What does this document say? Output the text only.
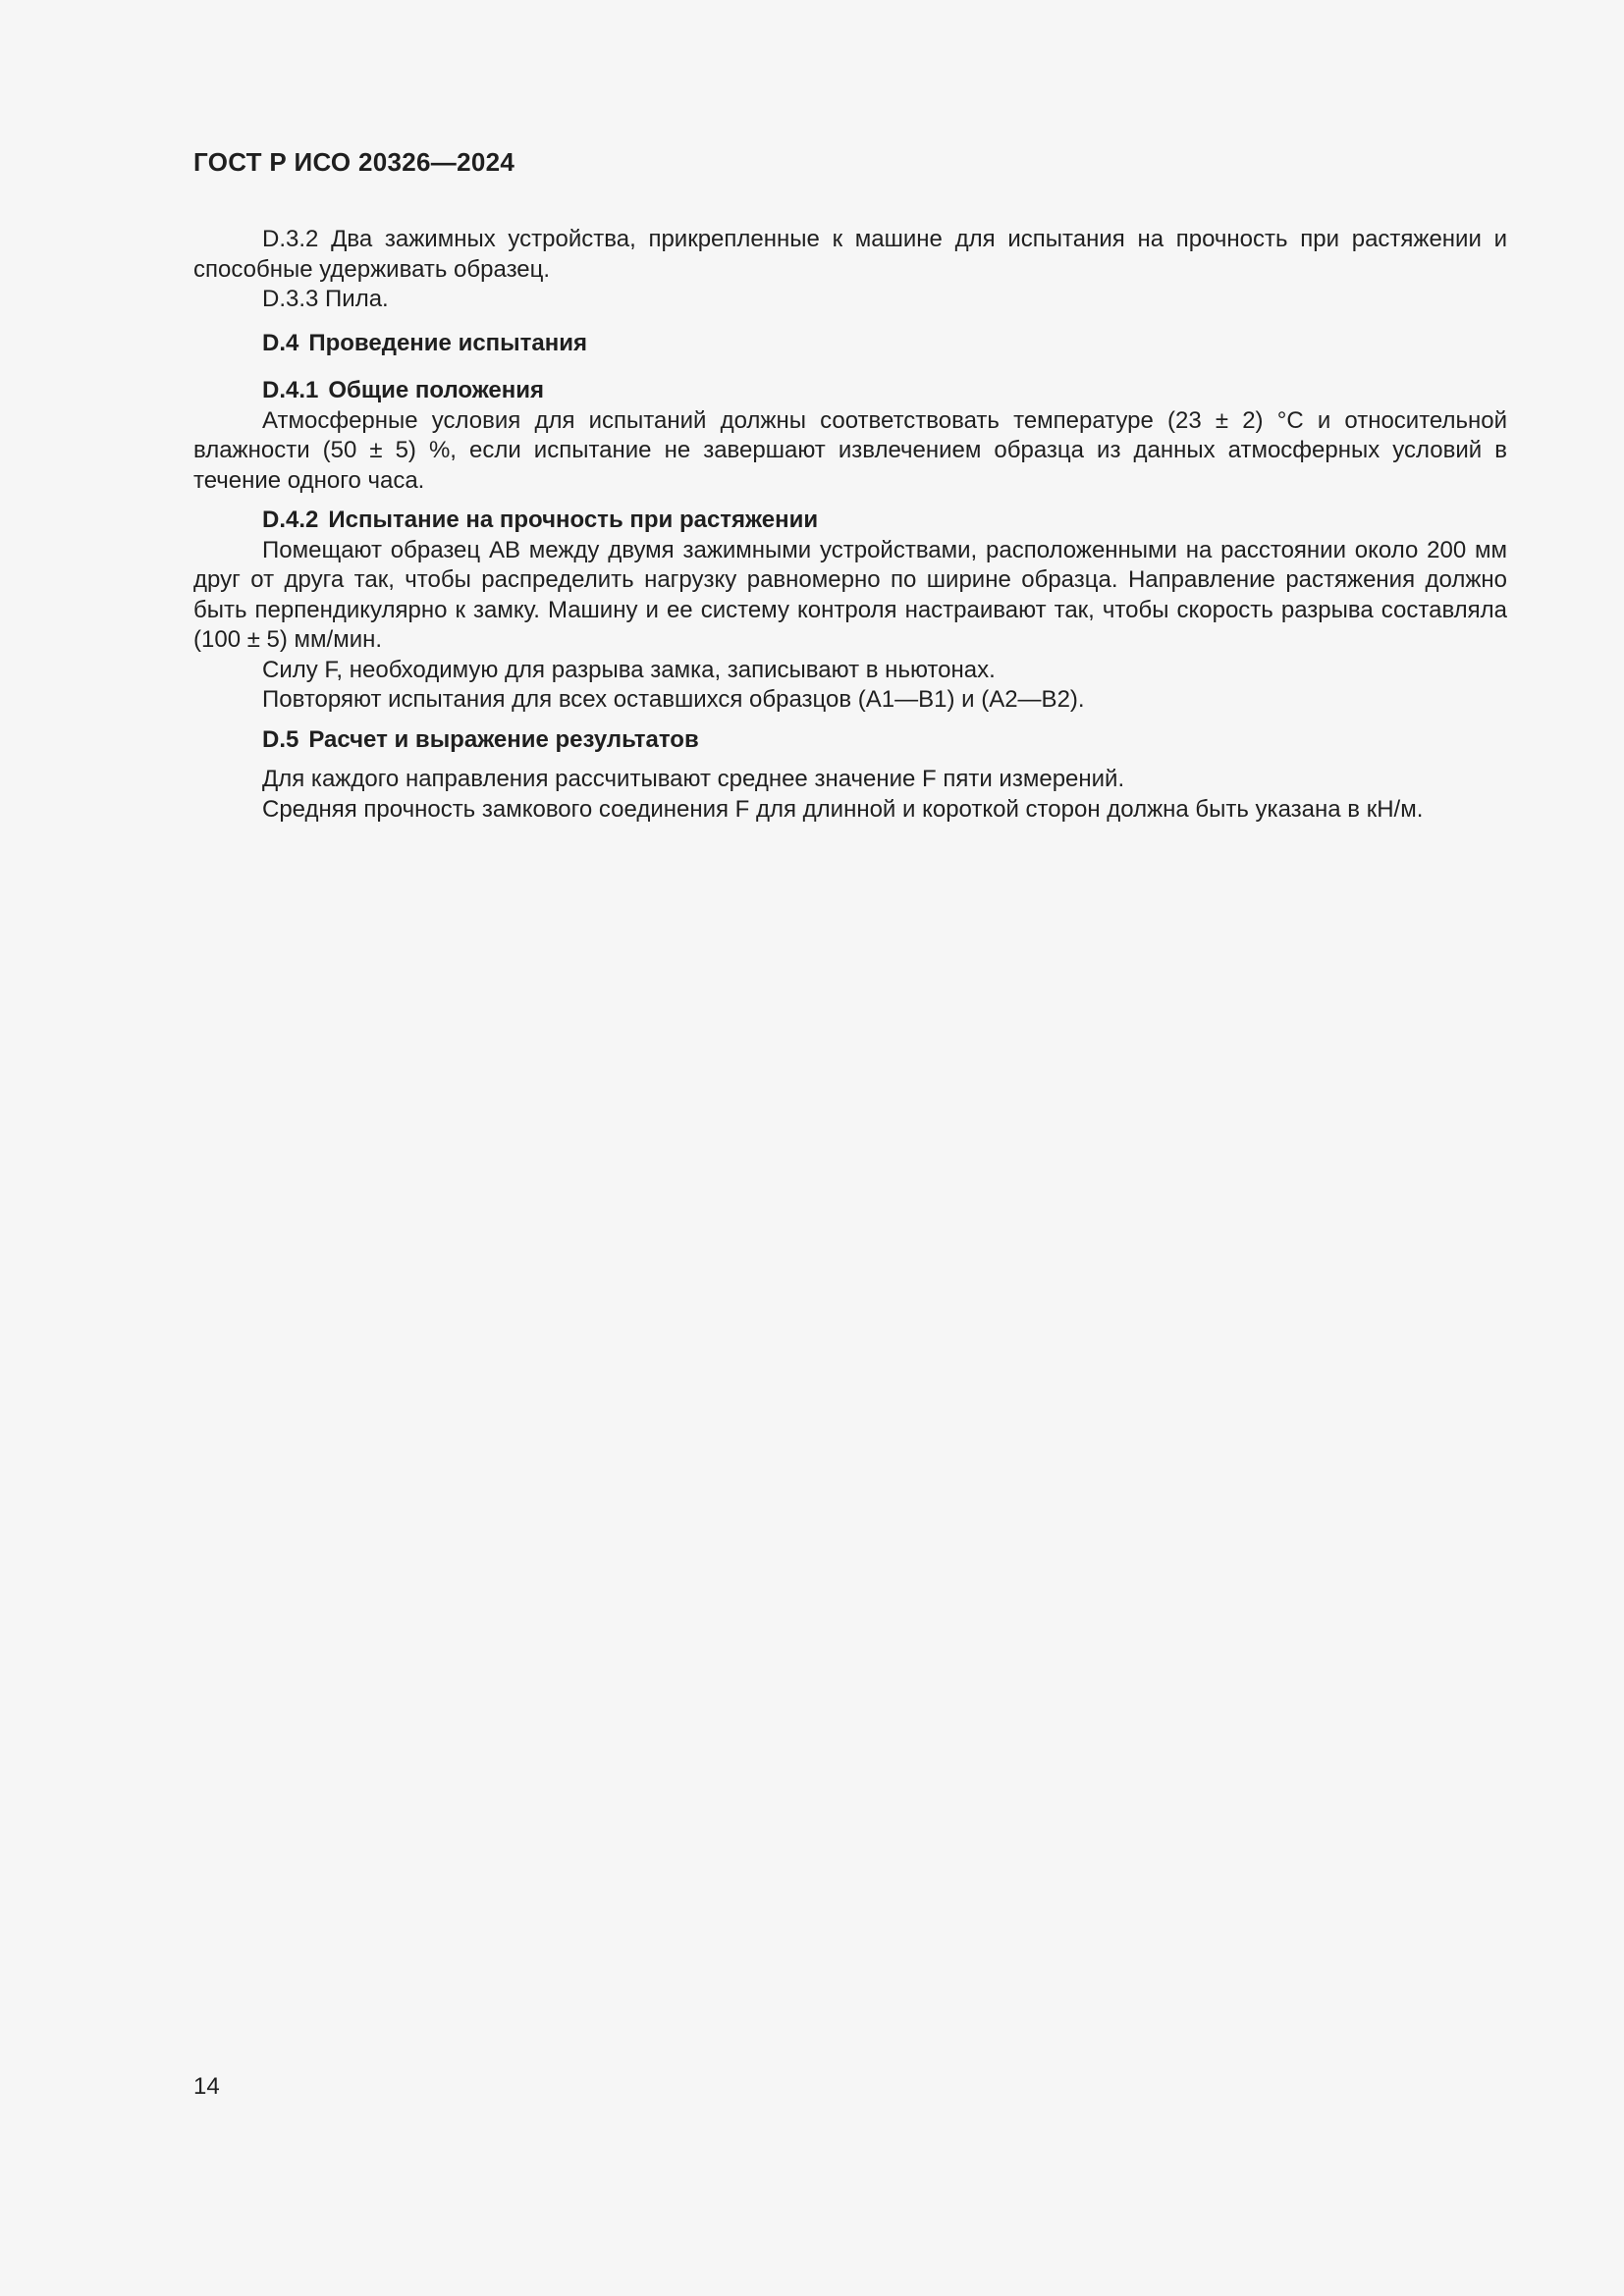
ГОСТ Р ИСО 20326—2024

D.3.2 Два зажимных устройства, прикрепленные к машине для испытания на прочность при растяжении и способные удерживать образец.

D.3.3 Пила.

D.4 Проведение испытания

D.4.1 Общие положения

Атмосферные условия для испытаний должны соответствовать температуре (23 ± 2) °С и относительной влажности (50 ± 5) %, если испытание не завершают извлечением образца из данных атмосферных условий в течение одного часа.

D.4.2 Испытание на прочность при растяжении

Помещают образец АВ между двумя зажимными устройствами, расположенными на расстоянии около 200 мм друг от друга так, чтобы распределить нагрузку равномерно по ширине образца. Направление растяжения должно быть перпендикулярно к замку. Машину и ее систему контроля настраивают так, чтобы скорость разрыва составляла (100 ± 5) мм/мин.

Силу F, необходимую для разрыва замка, записывают в ньютонах.

Повторяют испытания для всех оставшихся образцов (А1—В1) и (А2—В2).

D.5 Расчет и выражение результатов

Для каждого направления рассчитывают среднее значение F пяти измерений.

Средняя прочность замкового соединения F для длинной и короткой сторон должна быть указана в кН/м.

14
